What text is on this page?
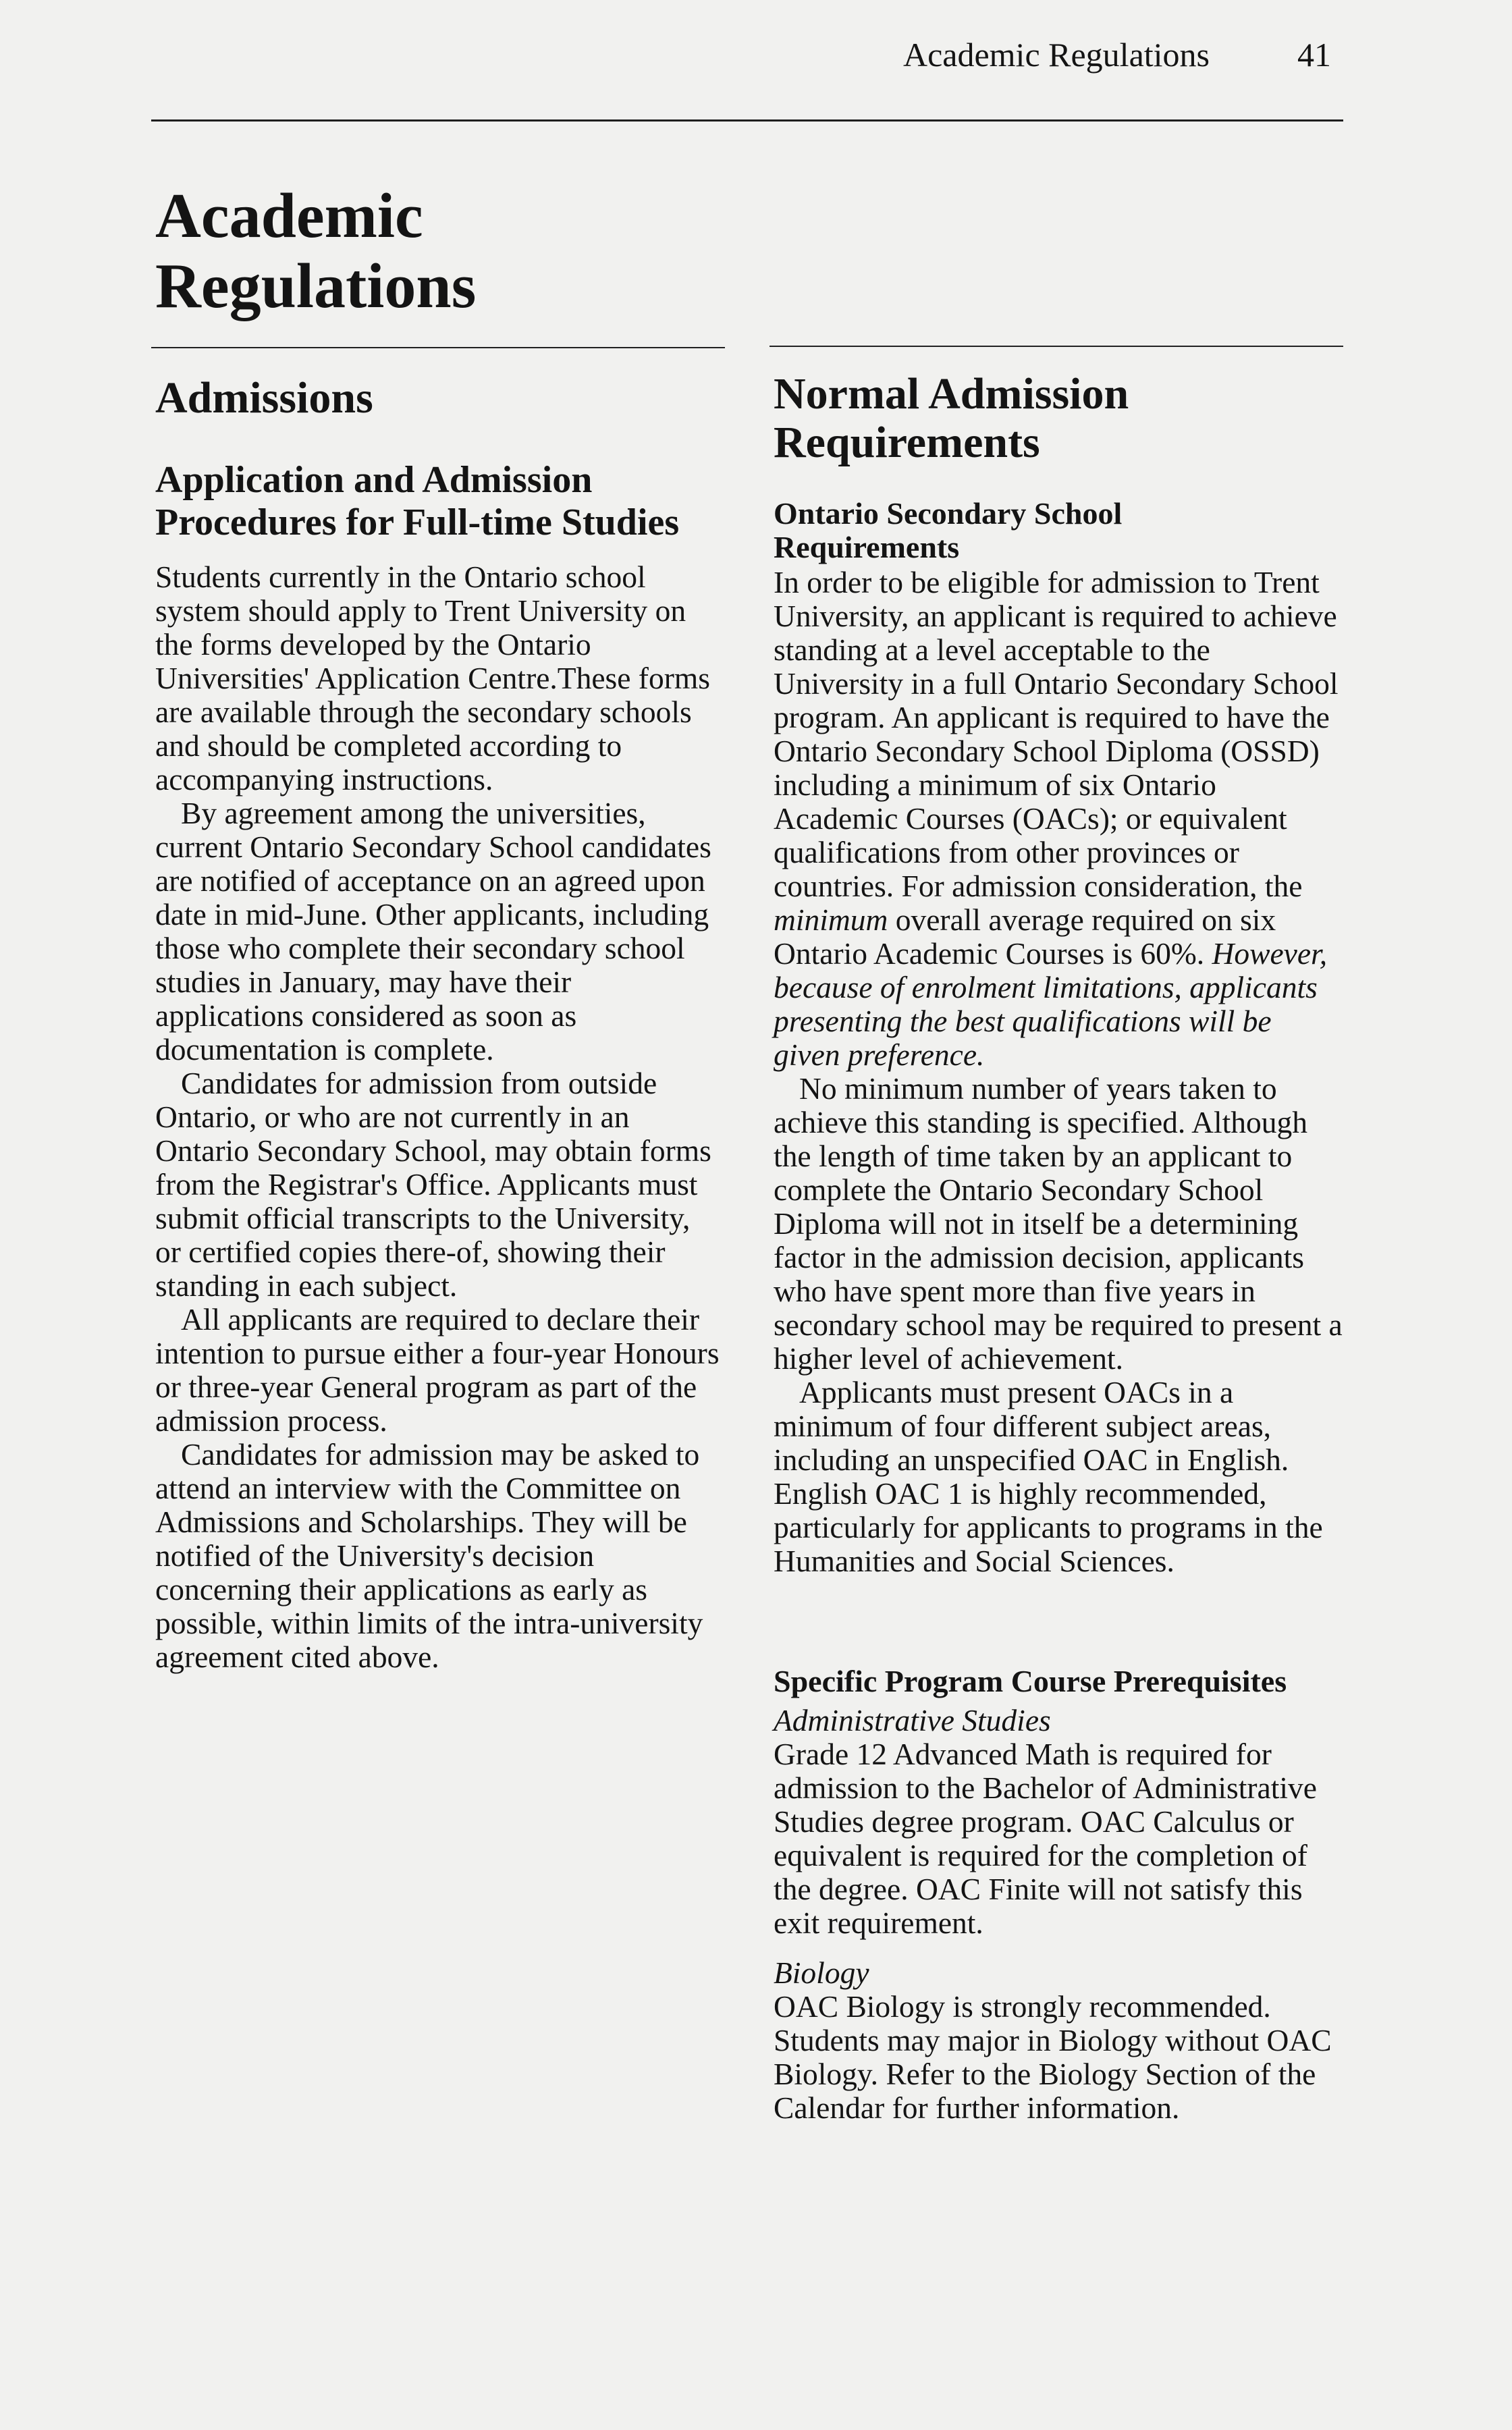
Academic Regulations	41
Academic
Regulations
Admissions
Application and Admission
Procedures for Full-time Studies

Students currently in the Ontario school system should apply to Trent University on the forms developed by the Ontario Universities' Application Centre.These forms are available through the secondary schools and should be completed according to accompanying instructions.

By agreement among the universities, current Ontario Secondary School candidates are notified of acceptance on an agreed upon date in mid-June. Other applicants, including those who complete their secondary school studies in January, may have their applications considered as soon as documentation is complete.

Candidates for admission from outside Ontario, or who are not currently in an Ontario Secondary School, may obtain forms from the Registrar's Office. Applicants must submit official transcripts to the University, or certified copies there-of, showing their standing in each subject.

All applicants are required to declare their intention to pursue either a four-year Honours or three-year General program as part of the admission process.

Candidates for admission may be asked to attend an interview with the Committee on Admissions and Scholarships. They will be notified of the University's decision concerning their applications as early as possible, within limits of the intra-university agreement cited above.

Normal Admission
Requirements
Ontario Secondary School
Requirements

In order to be eligible for admission to Trent University, an applicant is required to achieve standing at a level acceptable to the University in a full Ontario Secondary School program. An applicant is required to have the Ontario Secondary School Diploma (OSSD) including a minimum of six Ontario Academic Courses (OACs); or equivalent qualifications from other provinces or countries. For admission consideration, the minimum overall average required on six Ontario Academic Courses is 60%. However, because of enrolment limitations, applicants presenting the best qualifications will be given preference.

No minimum number of years taken to achieve this standing is specified. Although the length of time taken by an applicant to complete the Ontario Secondary School Diploma will not in itself be a determining factor in the admission decision, applicants who have spent more than five years in secondary school may be required to present a higher level of achievement.

Applicants must present OACs in a minimum of four different subject areas, including an unspecified OAC in English. English OAC 1 is highly recommended, particularly for applicants to programs in the Humanities and Social Sciences.

Specific Program Course Prerequisites

Administrative Studies

Grade 12 Advanced Math is required for admission to the Bachelor of Administrative Studies degree program. OAC Calculus or equivalent is required for the completion of the degree. OAC Finite will not satisfy this exit requirement.

Biology

OAC Biology is strongly recommended. Students may major in Biology without OAC Biology. Refer to the Biology Section of the Calendar for further information.
